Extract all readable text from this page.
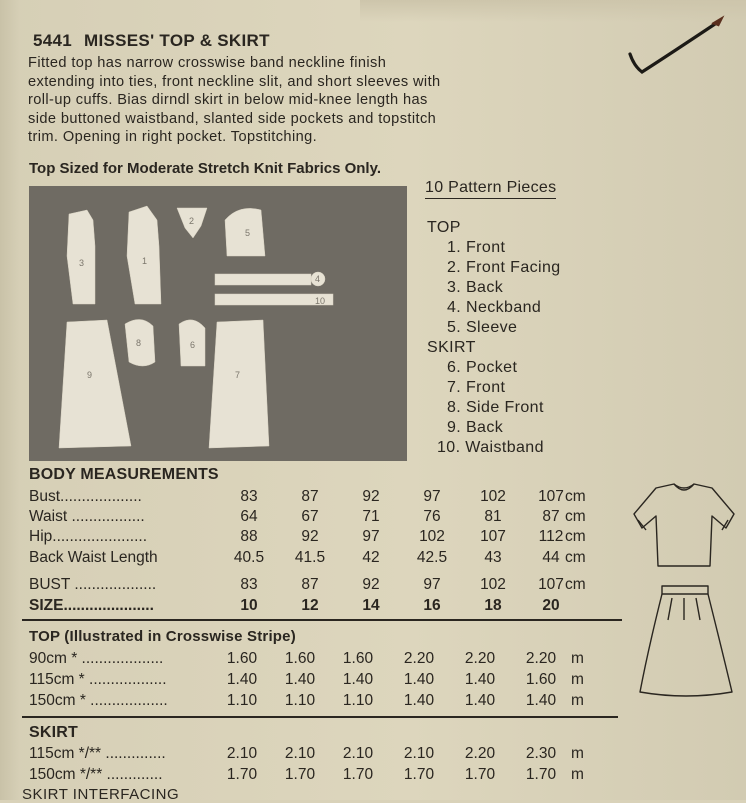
5441 MISSES' TOP & SKIRT
Fitted top has narrow crosswise band neckline finish
extending into ties, front neckline slit, and short sleeves with
roll-up cuffs. Bias dirndl skirt in below mid-knee length has
side buttoned waistband, slanted side pockets and topstitch
trim. Opening in right pocket. Topstitching.
Top Sized for Moderate Stretch Knit Fabrics Only.
10 Pattern Pieces
3	1
2
5
4
10
8	6
9	7
TOP
1. Front
2. Front Facing
3. Back
4. Neckband
5. Sleeve
SKIRT
6. Pocket
7. Front
8. Side Front
9. Back
10. Waistband
BODY MEASUREMENTS
Bust...................	83	87	92	97	102	107 cm
Waist .................	64	67	71	76	81	87 cm
Hip......................	88	92	97	102	107	112 cm
Back Waist Length	40.5	41.5	42	42.5	43	44 cm
BUST ...................	83	87	92	97	102	107 cm
SIZE.....................	10	12	14	16	18	20
TOP (Illustrated in Crosswise Stripe)
90cm * ...................	1.60	1.60	1.60	2.20	2.20	2.20 m
115cm * ..................	1.40	1.40	1.40	1.40	1.40	1.60 m
150cm * ..................	1.10	1.10	1.10	1.40	1.40	1.40 m
SKIRT
115cm */** ..............	2.10	2.10	2.10	2.10	2.20	2.30 m
150cm */** .............	1.70	1.70	1.70	1.70	1.70	1.70 m
SKIRT INTERFACING
